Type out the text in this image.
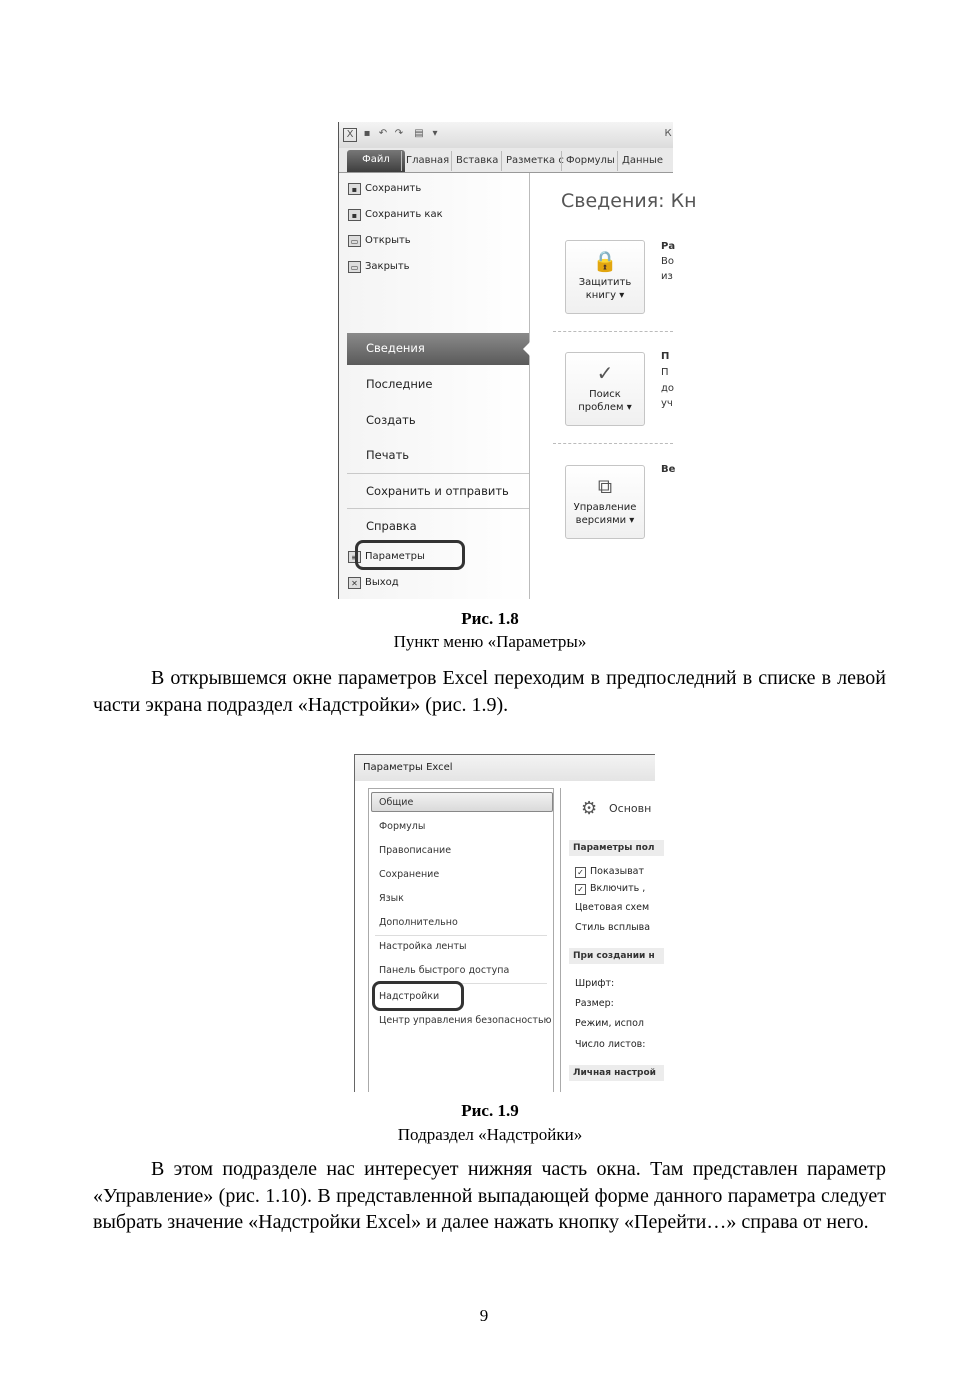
X	▪ ↶ ↷ ▤ ▾	К
Файл	Главная Вставка Разметка с Формулы Данные
▪ Сохранить
▪ Сохранить как
▭ Открыть
▭ Закрыть
Сведения
Последние
Создать
Печать
Сохранить и отправить
Справка
≡ Параметры
✕ Выход
Сведения: Кн
🔒
Защитить
книгу ▾
✓
Поиск
проблем ▾
⧉
Управление
версиями ▾
Ра
Во
из
П
П
до
уч
Ве
Рис. 1.8
Пункт меню «Параметры»

В открывшемся окне параметров Excel переходим в предпоследний в списке в левой части экрана подраздел «Надстройки» (рис. 1.9).

Параметры Excel
Общие
Формулы
Правописание
Сохранение
Язык
Дополнительно
Настройка ленты
Панель быстрого доступа
Надстройки
Центр управления безопасностью
⚙ Основн
Параметры пол
✓ Показыват
✓ Включить ,
Цветовая схем
Стиль всплыва
При создании н
Шрифт:
Размер:
Режим, испол
Число листов:
Личная настрой
Рис. 1.9
Подраздел «Надстройки»

В этом подразделе нас интересует нижняя часть окна. Там представлен параметр «Управление» (рис. 1.10). В представленной выпадающей форме данного параметра следует выбрать значение «Надстройки Excel» и далее нажать кнопку «Перейти…» справа от него.

9
